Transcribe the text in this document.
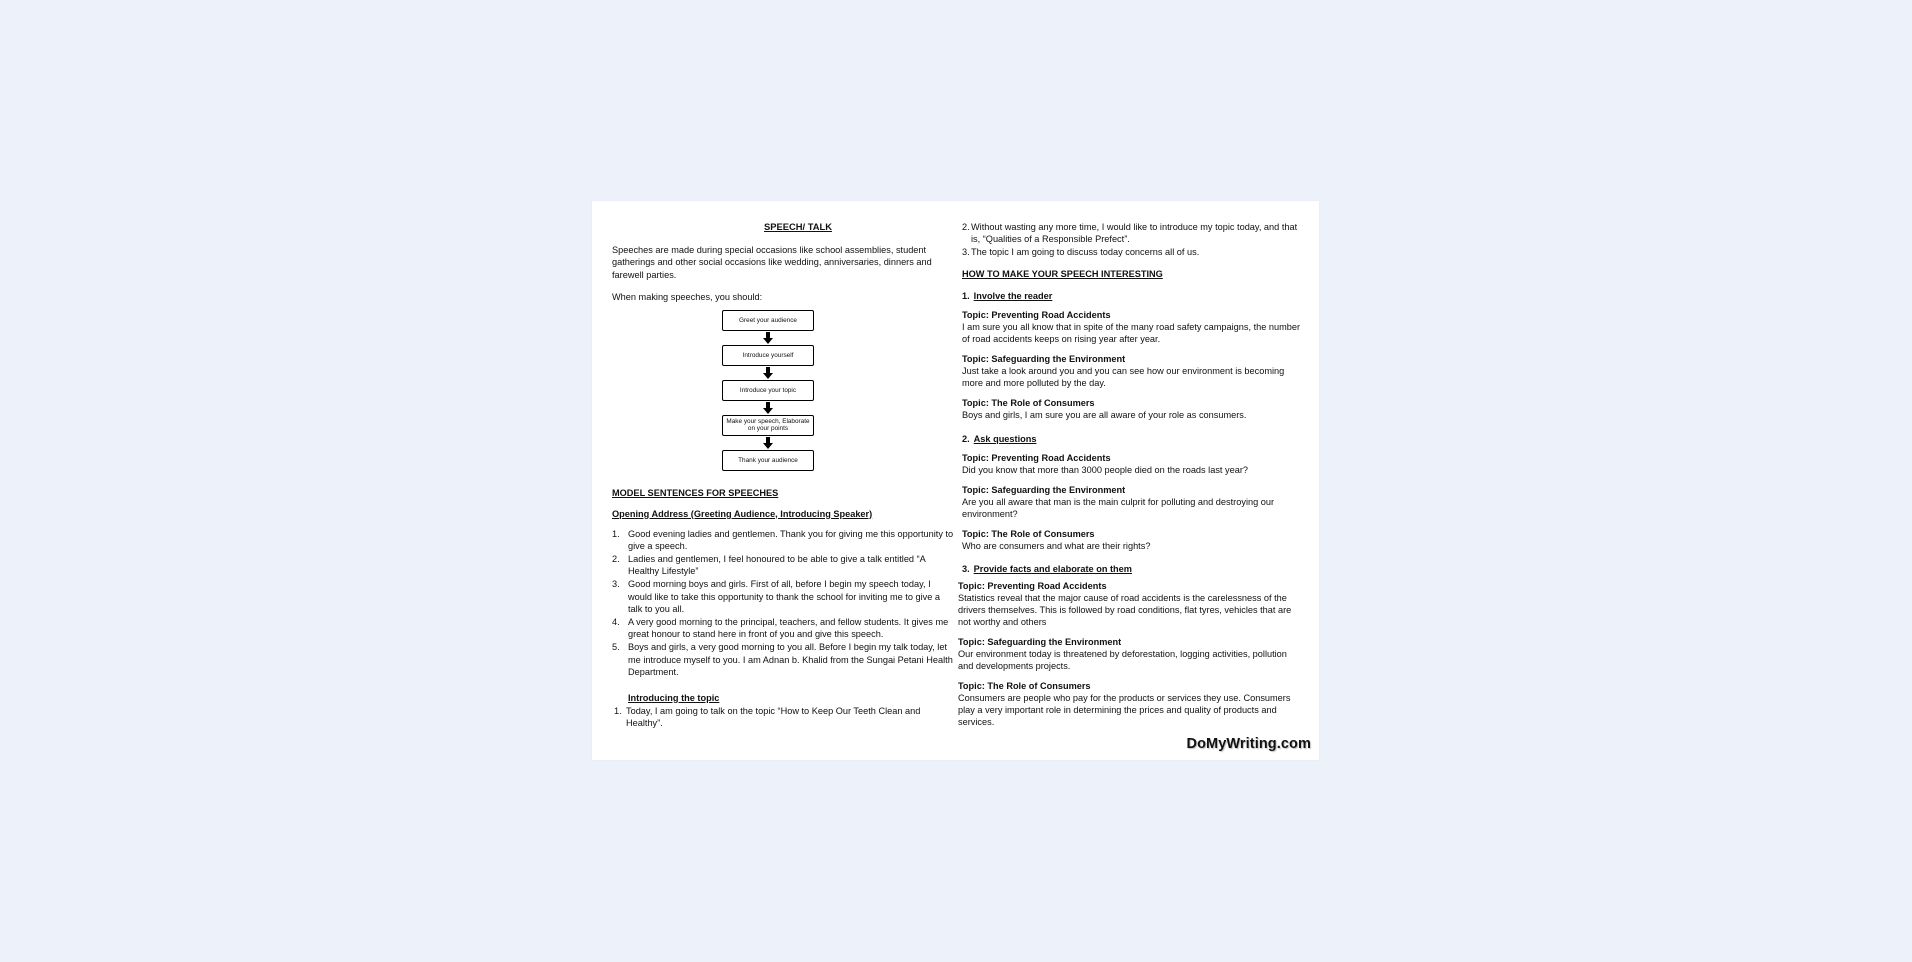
SPEECH/ TALK

Speeches are made during special occasions like school assemblies, student gatherings and other social occasions like wedding, anniversaries, dinners and farewell parties.

When making speeches, you should:

Greet your audience
Introduce yourself
Introduce your topic
Make your speech, Elaborate on your points
Thank your audience

MODEL SENTENCES FOR SPEECHES

Opening Address (Greeting Audience, Introducing Speaker)

1. Good evening ladies and gentlemen. Thank you for giving me this opportunity to give a speech.
2. Ladies and gentlemen, I feel honoured to be able to give a talk entitled “A Healthy Lifestyle”
3. Good morning boys and girls. First of all, before I begin my speech today, I would like to take this opportunity to thank the school for inviting me to give a talk to you all.
4. A very good morning to the principal, teachers, and fellow students. It gives me great honour to stand here in front of you and give this speech.
5. Boys and girls, a very good morning to you all. Before I begin my talk today, let me introduce myself to you. I am Adnan b. Khalid from the Sungai Petani Health Department.

Introducing the topic

1. Today, I am going to talk on the topic “How to Keep Our Teeth Clean and Healthy”.
2. Without wasting any more time, I would like to introduce my topic today, and that is, “Qualities of a Responsible Prefect”.
3. The topic I am going to discuss today concerns all of us.

HOW TO MAKE YOUR SPEECH INTERESTING

1. Involve the reader

Topic: Preventing Road Accidents

I am sure you all know that in spite of the many road safety campaigns, the number of road accidents keeps on rising year after year.

Topic: Safeguarding the Environment

Just take a look around you and you can see how our environment is becoming more and more polluted by the day.

Topic: The Role of Consumers

Boys and girls, I am sure you are all aware of your role as consumers.

2. Ask questions

Topic: Preventing Road Accidents

Did you know that more than 3000 people died on the roads last year?

Topic: Safeguarding the Environment

Are you all aware that man is the main culprit for polluting and destroying our environment?

Topic: The Role of Consumers

Who are consumers and what are their rights?

3. Provide facts and elaborate on them

Topic: Preventing Road Accidents

Statistics reveal that the major cause of road accidents is the carelessness of the drivers themselves. This is followed by road conditions, flat tyres, vehicles that are not worthy and others

Topic: Safeguarding the Environment

Our environment today is threatened by deforestation, logging activities, pollution and developments projects.

Topic: The Role of Consumers

Consumers are people who pay for the products or services they use. Consumers play a very important role in determining the prices and quality of products and services.

DoMyWriting.com
